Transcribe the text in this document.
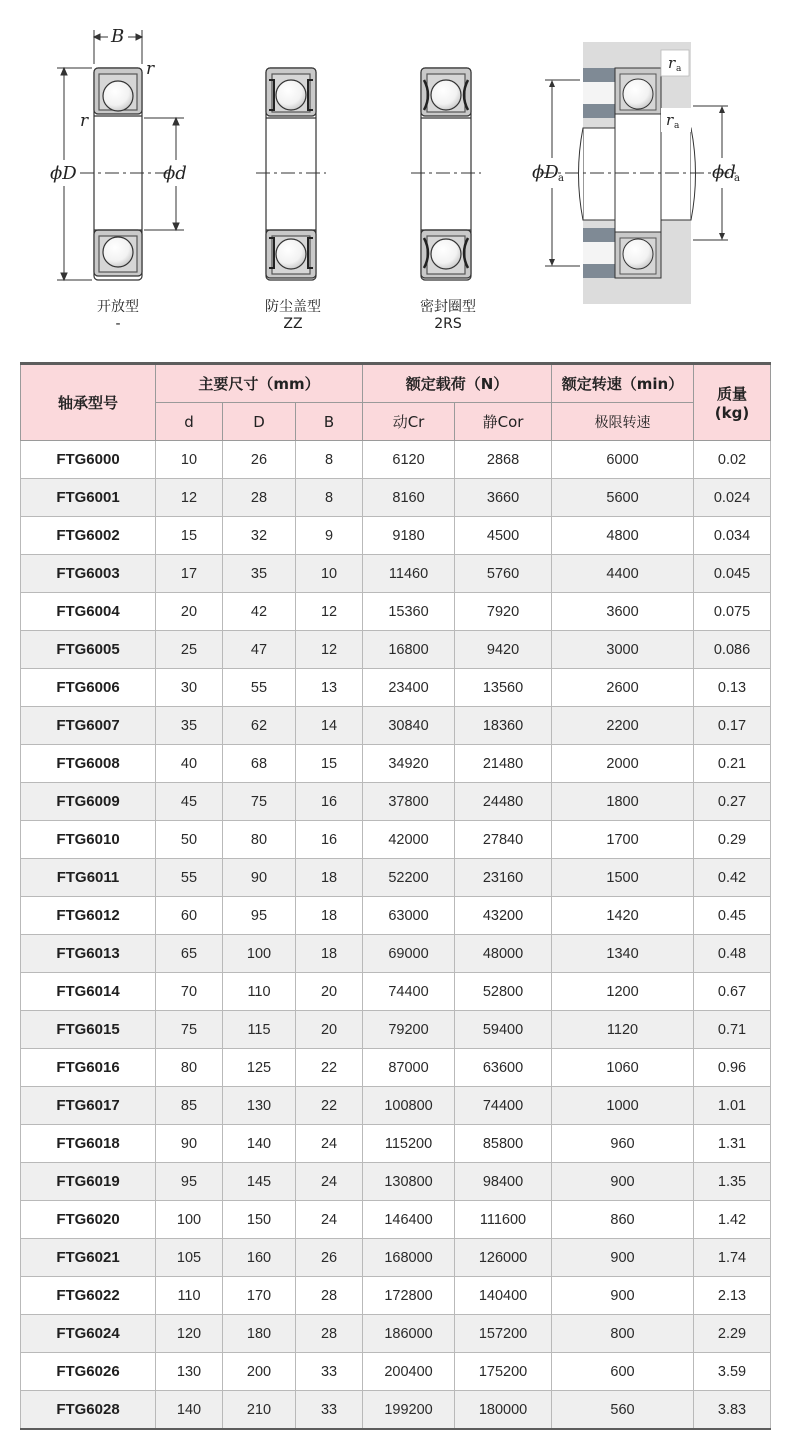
B
r
r
ϕD	ϕd
r a
r a
ϕD a	ϕd
a
开放型
-
防尘盖型
ZZ
密封圈型
2RS
轴承型号	主要尺寸（mm）			额定载荷（N）		额定转速（min）	质量
(kg)

	d	D	B	动Cr	静Cor	极限转速	
FTG6000	10	26	8	6120	2868	6000	0.02
FTG6001	12	28	8	8160	3660	5600	0.024
FTG6002	15	32	9	9180	4500	4800	0.034
FTG6003	17	35	10	11460	5760	4400	0.045
FTG6004	20	42	12	15360	7920	3600	0.075
FTG6005	25	47	12	16800	9420	3000	0.086
FTG6006	30	55	13	23400	13560	2600	0.13
FTG6007	35	62	14	30840	18360	2200	0.17
FTG6008	40	68	15	34920	21480	2000	0.21
FTG6009	45	75	16	37800	24480	1800	0.27
FTG6010	50	80	16	42000	27840	1700	0.29
FTG6011	55	90	18	52200	23160	1500	0.42
FTG6012	60	95	18	63000	43200	1420	0.45
FTG6013	65	100	18	69000	48000	1340	0.48
FTG6014	70	110	20	74400	52800	1200	0.67
FTG6015	75	115	20	79200	59400	1120	0.71
FTG6016	80	125	22	87000	63600	1060	0.96
FTG6017	85	130	22	100800	74400	1000	1.01
FTG6018	90	140	24	115200	85800	960	1.31
FTG6019	95	145	24	130800	98400	900	1.35
FTG6020	100	150	24	146400	111600	860	1.42
FTG6021	105	160	26	168000	126000	900	1.74
FTG6022	110	170	28	172800	140400	900	2.13
FTG6024	120	180	28	186000	157200	800	2.29
FTG6026	130	200	33	200400	175200	600	3.59
FTG6028	140	210	33	199200	180000	560	3.83
